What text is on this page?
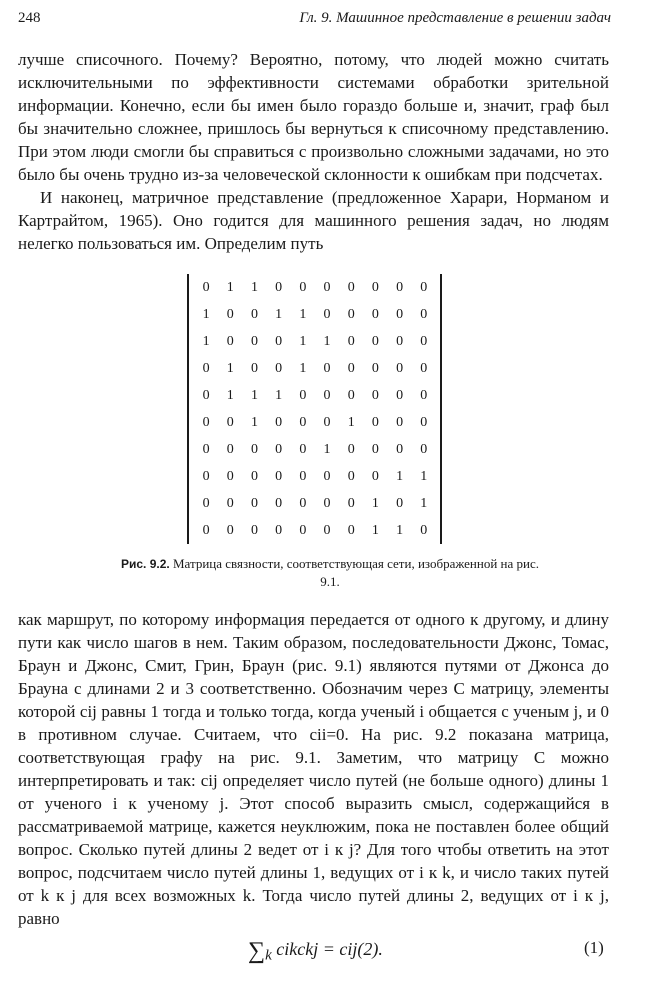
248	Гл. 9. Машинное представление в решении задач

лучше списочного. Почему? Вероятно, потому, что людей можно считать исключительными по эффективности системами обработки зрительной информации. Конечно, если бы имен было гораздо больше и, значит, граф был бы значительно сложнее, пришлось бы вернуться к списочному представлению. При этом люди смогли бы справиться с произвольно сложными задачами, но это было бы очень трудно из-за человеческой склонности к ошибкам при подсчетах.

И наконец, матричное представление (предложенное Харари, Норманом и Картрайтом, 1965). Оно годится для машинного решения задач, но людям нелегко пользоваться им. Определим путь

0	1	1	0	0	0	0	0	0	0
1	0	0	1	1	0	0	0	0	0
1	0	0	0	1	1	0	0	0	0
0	1	0	0	1	0	0	0	0	0
0	1	1	1	0	0	0	0	0	0
0	0	1	0	0	0	1	0	0	0
0	0	0	0	0	1	0	0	0	0
0	0	0	0	0	0	0	0	1	1
0	0	0	0	0	0	0	1	0	1
0	0	0	0	0	0	0	1	1	0
Рис. 9.2. Матрица связности, соответствующая сети, изображенной на рис. 9.1.

как маршрут, по которому информация передается от одного к другому, и длину пути как число шагов в нем. Таким образом, последовательности Джонс, Томас, Браун и Джонс, Смит, Грин, Браун (рис. 9.1) являются путями от Джонса до Брауна с длинами 2 и 3 соответственно. Обозначим через C матрицу, элементы которой cij равны 1 тогда и только тогда, когда ученый i общается с ученым j, и 0 в противном случае. Считаем, что cii=0. На рис. 9.2 показана матрица, соответствующая графу на рис. 9.1. Заметим, что матрицу C можно интерпретировать и так: cij определяет число путей (не больше одного) длины 1 от ученого i к ученому j. Этот способ выразить смысл, содержащийся в рассматриваемой матрице, кажется неуклюжим, пока не поставлен более общий вопрос. Сколько путей длины 2 ведет от i к j? Для того чтобы ответить на этот вопрос, подсчитаем число путей длины 1, ведущих от i к k, и число таких путей от k к j для всех возможных k. Тогда число путей длины 2, ведущих от i к j, равно

$\sum_k$ cikckj = cij(2).	(1)
